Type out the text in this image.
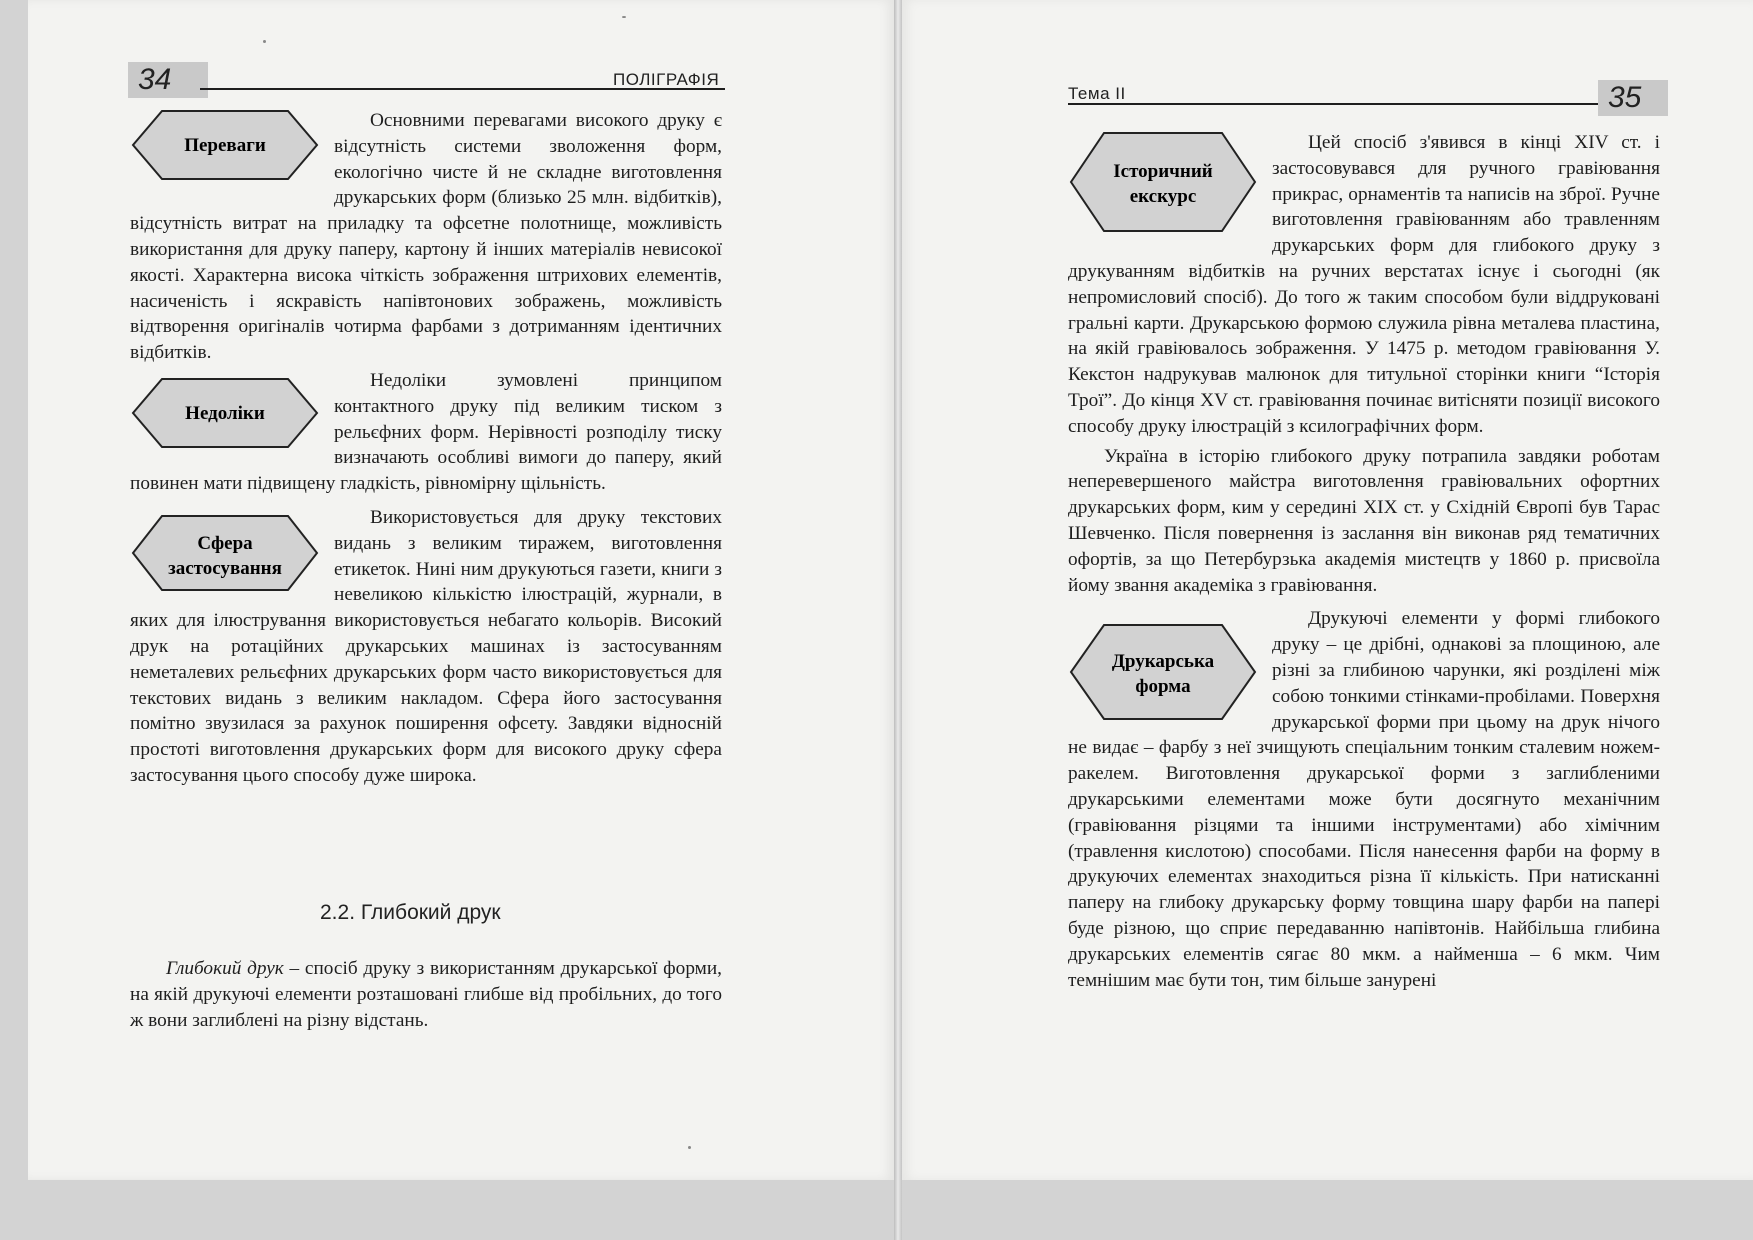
34	ПОЛІГРАФІЯ
Тема ІІ	35
Переваги

Основними перевагами високого друку є відсутність системи зволоження форм, екологічно чисте й не складне виготовлення друкарських форм (близько 25 млн. відбитків), відсутність витрат на приладку та офсетне полотнище, можливість використання для друку паперу, картону й інших матеріалів невисокої якості. Характерна висока чіткість зображення штрихових елементів, насиченість і яскравість напівтонових зображень, можливість відтворення оригіналів чотирма фарбами з дотриманням ідентичних відбитків.

Недоліки

Недоліки зумовлені принципом контактного друку під великим тиском з рельєфних форм. Нерівності розподілу тиску визначають особливі вимоги до паперу, який повинен мати підвищену гладкість, рівномірну щільність.

Сфера
застосування

Використовується для друку текстових видань з великим тиражем, виготовлення етикеток. Нині ним друкуються газети, книги з невеликою кількістю ілюстрацій, журнали, в яких для ілюстрування використовується небагато кольорів. Високий друк на ротаційних друкарських машинах із застосуванням неметалевих рельєфних друкарських форм часто використовується для текстових видань з великим накладом. Сфера його застосування помітно звузилася за рахунок поширення офсету. Завдяки відносній простоті виготовлення друкарських форм для високого друку сфера застосування цього способу дуже широка.

2.2. Глибокий друк

Глибокий друк – спосіб друку з використанням друкарської форми, на якій друкуючі елементи розташовані глибше від пробільних, до того ж вони заглиблені на різну відстань.

Історичний
екскурс

Цей спосіб з'явився в кінці XIV ст. і застосовувався для ручного гравіювання прикрас, орнаментів та написів на зброї. Ручне виготовлення гравіюванням або травленням друкарських форм для глибокого друку з друкуванням відбитків на ручних верстатах існує і сьогодні (як непромисловий спосіб). До того ж таким способом були віддруковані гральні карти. Друкарською формою служила рівна металева пластина, на якій гравіювалось зображення. У 1475 р. методом гравіювання У. Кекстон надрукував малюнок для титульної сторінки книги “Історія Трої”. До кінця XV ст. гравіювання починає витісняти позиції високого способу друку ілюстрацій з ксилографічних форм.

Україна в історію глибокого друку потрапила завдяки роботам неперевершеного майстра виготовлення гравіювальних офортних друкарських форм, ким у середині XIX ст. у Східній Європі був Тарас Шевченко. Після повернення із заслання він виконав ряд тематичних офортів, за що Петербурзька академія мистецтв у 1860 р. присвоїла йому звання академіка з гравіювання.

Друкарська
форма

Друкуючі елементи у формі глибокого друку – це дрібні, однакові за площиною, але різні за глибиною чарунки, які розділені між собою тонкими стінками-пробілами. Поверхня друкарської форми при цьому на друк нічого не видає – фарбу з неї зчищують спеціальним тонким сталевим ножем-ракелем. Виготовлення друкарської форми з заглибленими друкарськими елементами може бути досягнуто механічним (гравіювання різцями та іншими інструментами) або хімічним (травлення кислотою) способами. Після нанесення фарби на форму в друкуючих елементах знаходиться різна її кількість. При натисканні паперу на глибоку друкарську форму товщина шару фарби на папері буде різною, що сприє передаванню напівтонів. Найбільша глибина друкарських елементів сягає 80 мкм. а найменша – 6 мкм. Чим темнішим має бути тон, тим більше занурені
